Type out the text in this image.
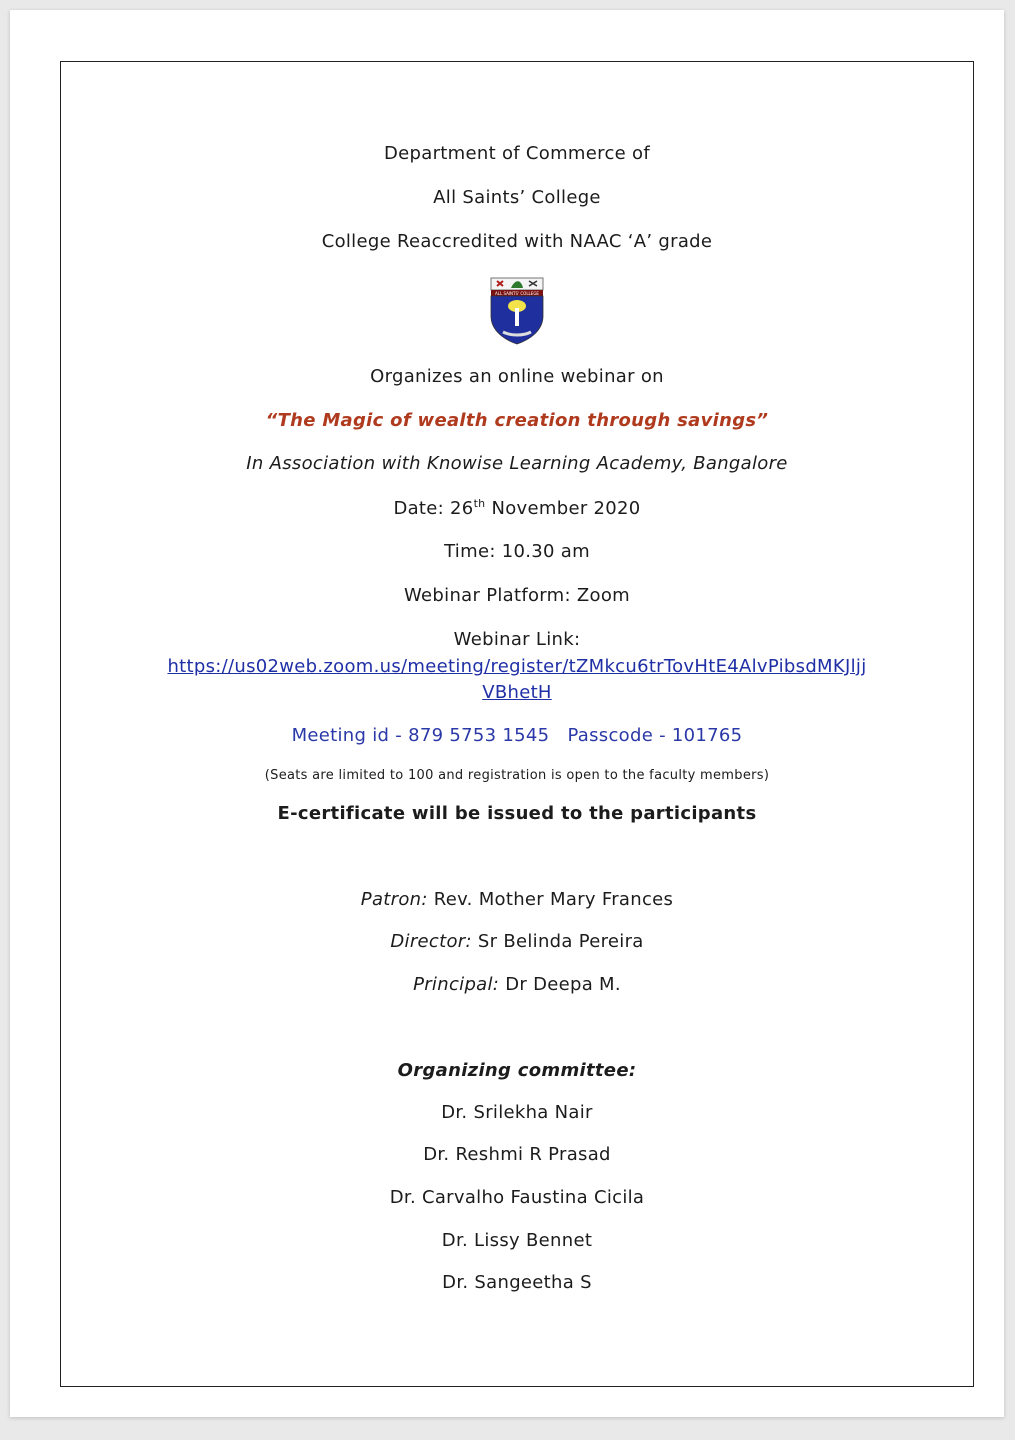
Department of Commerce of
All Saints’ College
College Reaccredited with NAAC ‘A’ grade
ALL SAINTS' COLLEGE
Organizes an online webinar on
“The Magic of wealth creation through savings”
In Association with Knowise Learning Academy, Bangalore
Date: 26th November 2020
Time: 10.30 am
Webinar Platform: Zoom
Webinar Link:
https://us02web.zoom.us/meeting/register/tZMkcu6trTovHtE4AlvPibsdMKJljj
VBhetH
Meeting id - 879 5753 1545 Passcode - 101765
(Seats are limited to 100 and registration is open to the faculty members)
E-certificate will be issued to the participants
Patron: Rev. Mother Mary Frances
Director: Sr Belinda Pereira
Principal: Dr Deepa M.
Organizing committee:
Dr. Srilekha Nair
Dr. Reshmi R Prasad
Dr. Carvalho Faustina Cicila
Dr. Lissy Bennet
Dr. Sangeetha S
